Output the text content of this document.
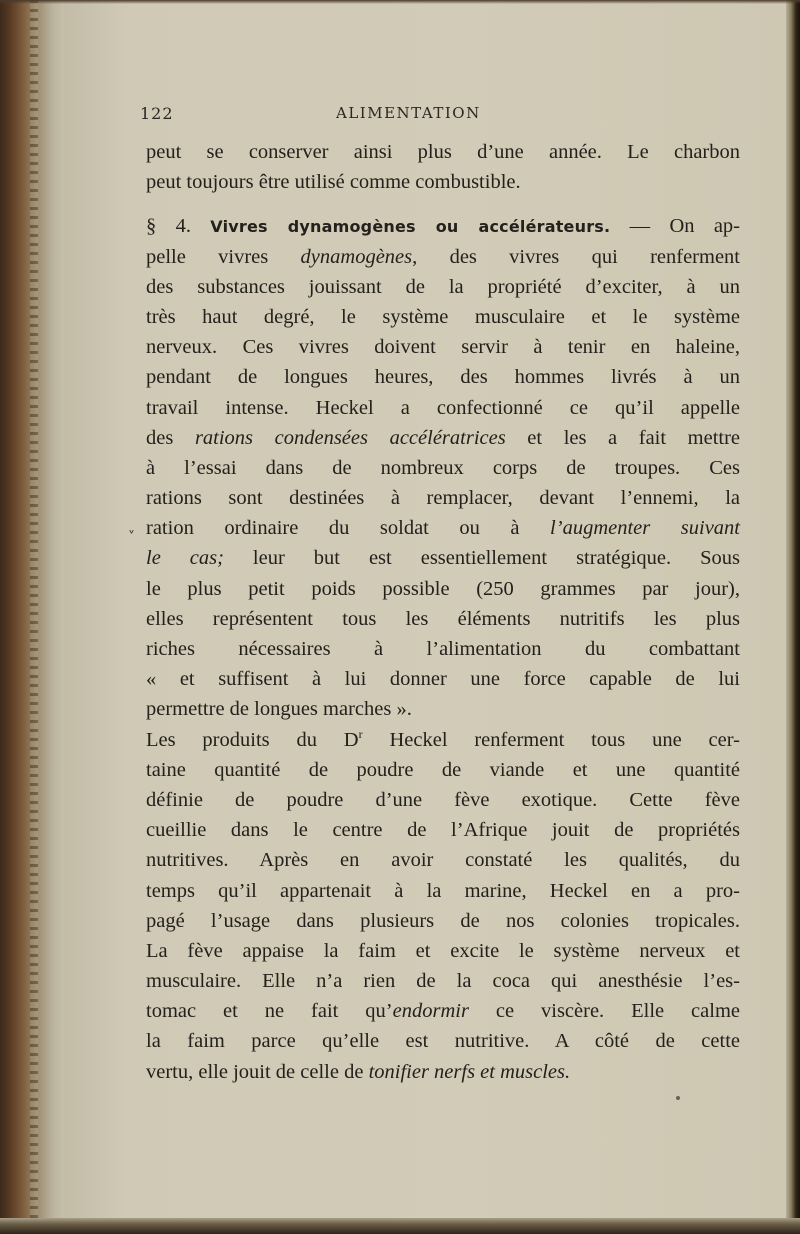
122	ALIMENTATION
ˬ
peut se conserver ainsi plus d’une année. Le charbon
peut toujours être utilisé comme combustible.
§ 4. Vivres dynamogènes ou accélérateurs. — On ap-
pelle vivres dynamogènes, des vivres qui renferment
des substances jouissant de la propriété d’exciter, à un
très haut degré, le système musculaire et le système
nerveux. Ces vivres doivent servir à tenir en haleine,
pendant de longues heures, des hommes livrés à un
travail intense. Heckel a confectionné ce qu’il appelle
des rations condensées accélératrices et les a fait mettre
à l’essai dans de nombreux corps de troupes. Ces
rations sont destinées à remplacer, devant l’ennemi, la
ration ordinaire du soldat ou à l’augmenter suivant
le cas; leur but est essentiellement stratégique. Sous
le plus petit poids possible (250 grammes par jour),
elles représentent tous les éléments nutritifs les plus
riches nécessaires à l’alimentation du combattant
« et suffisent à lui donner une force capable de lui
permettre de longues marches ».
Les produits du $D^r$ Heckel renferment tous une cer-
taine quantité de poudre de viande et une quantité
définie de poudre d’une fève exotique. Cette fève
cueillie dans le centre de l’Afrique jouit de propriétés
nutritives. Après en avoir constaté les qualités, du
temps qu’il appartenait à la marine, Heckel en a pro-
pagé l’usage dans plusieurs de nos colonies tropicales.
La fève appaise la faim et excite le système nerveux et
musculaire. Elle n’a rien de la coca qui anesthésie l’es-
tomac et ne fait qu’endormir ce viscère. Elle calme
la faim parce qu’elle est nutritive. A côté de cette
vertu, elle jouit de celle de tonifier nerfs et muscles.
